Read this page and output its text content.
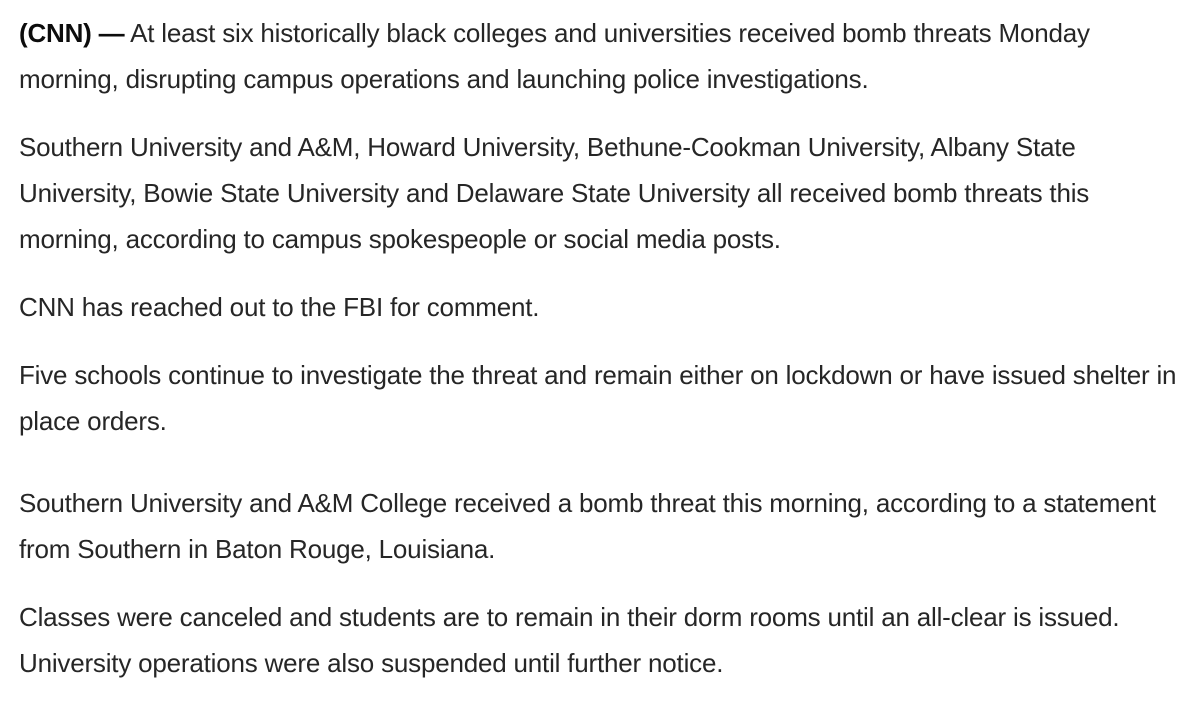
(CNN) — At least six historically black colleges and universities received bomb threats Monday morning, disrupting campus operations and launching police investigations.

Southern University and A&M, Howard University, Bethune-Cookman University, Albany State University, Bowie State University and Delaware State University all received bomb threats this morning, according to campus spokespeople or social media posts.

CNN has reached out to the FBI for comment.

Five schools continue to investigate the threat and remain either on lockdown or have issued shelter in place orders.

Southern University and A&M College received a bomb threat this morning, according to a statement from Southern in Baton Rouge, Louisiana.

Classes were canceled and students are to remain in their dorm rooms until an all-clear is issued. University operations were also suspended until further notice.
